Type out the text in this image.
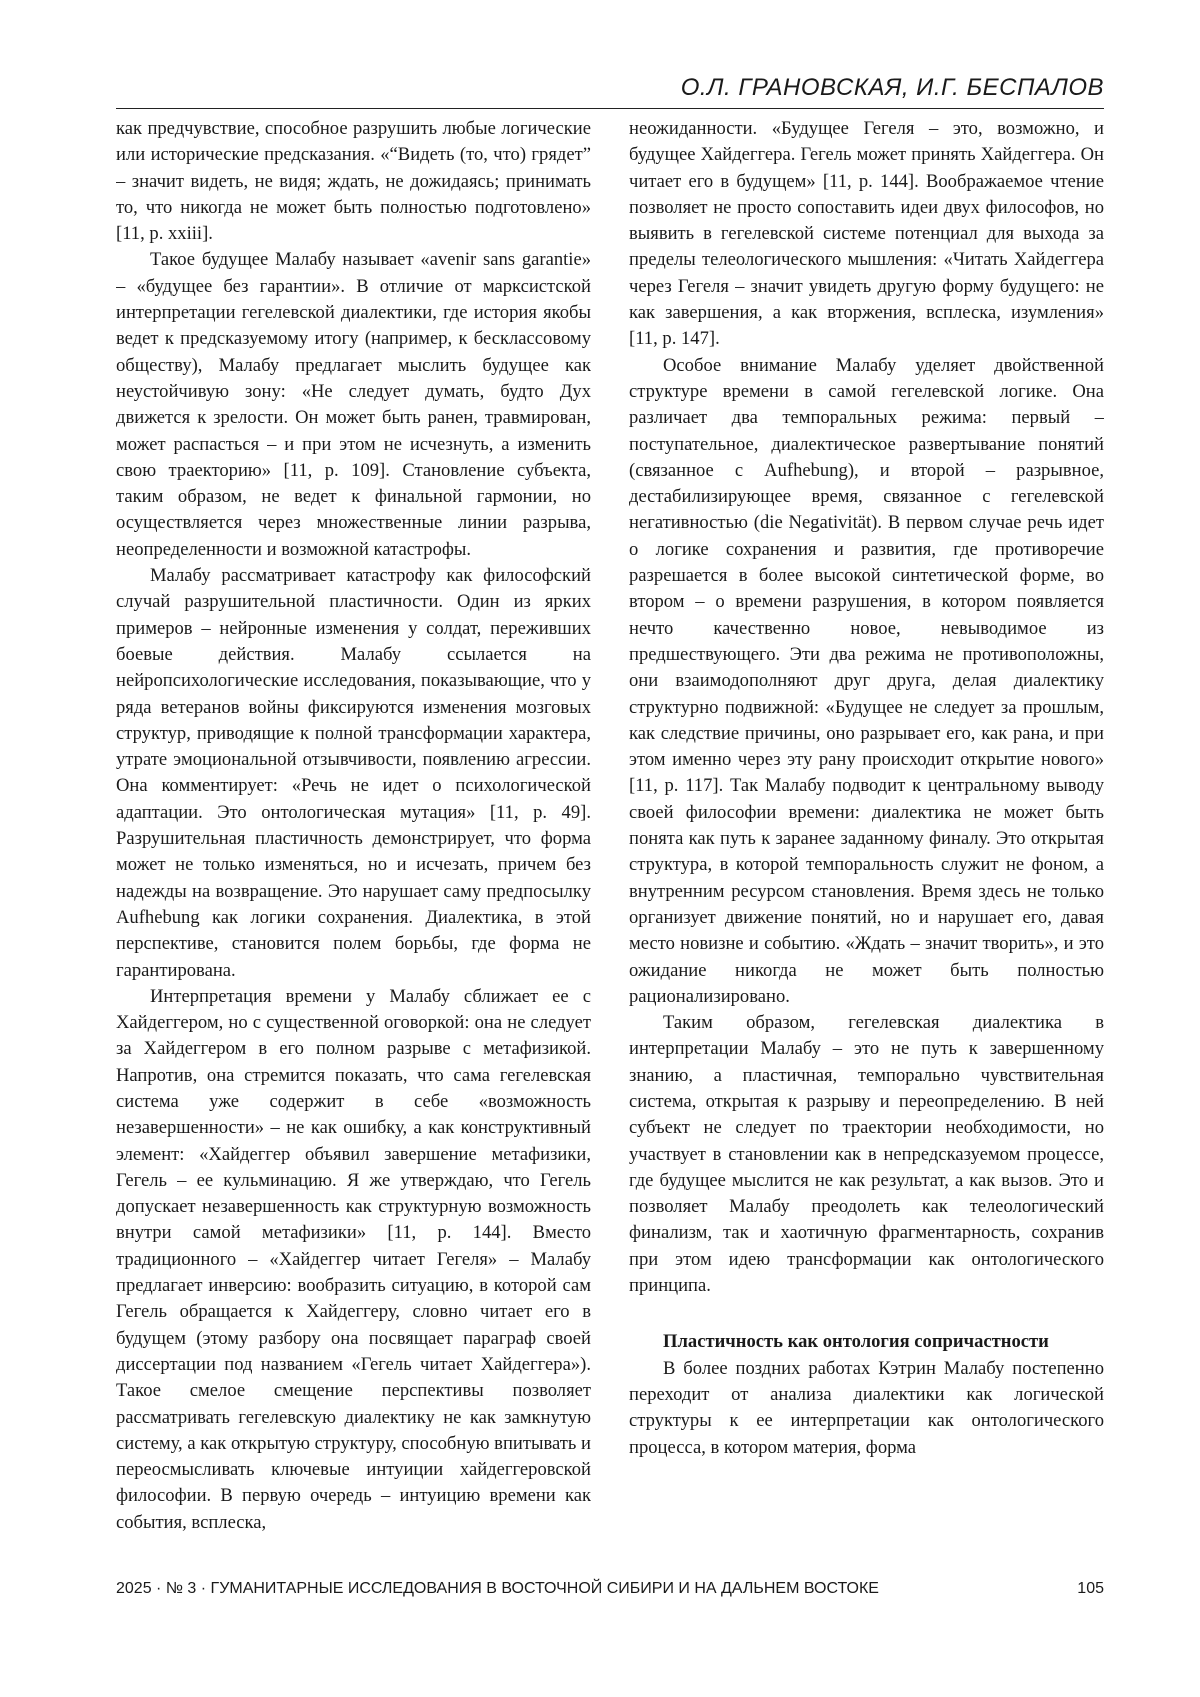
О.Л. ГРАНОВСКАЯ, И.Г. БЕСПАЛОВ

как предчувствие, способное разрушить любые логические или исторические предсказания. «“Видеть (то, что) грядет” – значит видеть, не видя; ждать, не дожидаясь; принимать то, что никогда не может быть полностью подготовлено» [11, p. xxiii].

Такое будущее Малабу называет «avenir sans garantie» – «будущее без гарантии». В отличие от марксистской интерпретации гегелевской диалектики, где история якобы ведет к предсказуемому итогу (например, к бесклассовому обществу), Малабу предлагает мыслить будущее как неустойчивую зону: «Не следует думать, будто Дух движется к зрелости. Он может быть ранен, травмирован, может распасться – и при этом не исчезнуть, а изменить свою траекторию» [11, p. 109]. Становление субъекта, таким образом, не ведет к финальной гармонии, но осуществляется через множественные линии разрыва, неопределенности и возможной катастрофы.

Малабу рассматривает катастрофу как философский случай разрушительной пластичности. Один из ярких примеров – нейронные изменения у солдат, переживших боевые действия. Малабу ссылается на нейропсихологические исследования, показывающие, что у ряда ветеранов войны фиксируются изменения мозговых структур, приводящие к полной трансформации характера, утрате эмоциональной отзывчивости, появлению агрессии. Она комментирует: «Речь не идет о психологической адаптации. Это онтологическая мутация» [11, p. 49]. Разрушительная пластичность демонстрирует, что форма может не только изменяться, но и исчезать, причем без надежды на возвращение. Это нарушает саму предпосылку Aufhebung как логики сохранения. Диалектика, в этой перспективе, становится полем борьбы, где форма не гарантирована.

Интерпретация времени у Малабу сближает ее с Хайдеггером, но с существенной оговоркой: она не следует за Хайдеггером в его полном разрыве с метафизикой. Напротив, она стремится показать, что сама гегелевская система уже содержит в себе «возможность незавершенности» – не как ошибку, а как конструктивный элемент: «Хайдеггер объявил завершение метафизики, Гегель – ее кульминацию. Я же утверждаю, что Гегель допускает незавершенность как структурную возможность внутри самой метафизики» [11, p. 144]. Вместо традиционного – «Хайдеггер читает Гегеля» – Малабу предлагает инверсию: вообразить ситуацию, в которой сам Гегель обращается к Хайдеггеру, словно читает его в будущем (этому разбору она посвящает параграф своей диссертации под названием «Гегель читает Хайдеггера»). Такое смелое смещение перспективы позволяет рассматривать гегелевскую диалектику не как замкнутую систему, а как открытую структуру, способную впитывать и переосмысливать ключевые интуиции хайдеггеровской философии. В первую очередь – интуицию времени как события, всплеска,

неожиданности. «Будущее Гегеля – это, возможно, и будущее Хайдеггера. Гегель может принять Хайдеггера. Он читает его в будущем» [11, p. 144]. Воображаемое чтение позволяет не просто сопоставить идеи двух философов, но выявить в гегелевской системе потенциал для выхода за пределы телеологического мышления: «Читать Хайдеггера через Гегеля – значит увидеть другую форму будущего: не как завершения, а как вторжения, всплеска, изумления» [11, p. 147].

Особое внимание Малабу уделяет двойственной структуре времени в самой гегелевской логике. Она различает два темпоральных режима: первый – поступательное, диалектическое развертывание понятий (связанное с Aufhebung), и второй – разрывное, дестабилизирующее время, связанное с гегелевской негативностью (die Negativität). В первом случае речь идет о логике сохранения и развития, где противоречие разрешается в более высокой синтетической форме, во втором – о времени разрушения, в котором появляется нечто качественно новое, невыводимое из предшествующего. Эти два режима не противоположны, они взаимодополняют друг друга, делая диалектику структурно подвижной: «Будущее не следует за прошлым, как следствие причины, оно разрывает его, как рана, и при этом именно через эту рану происходит открытие нового» [11, p. 117]. Так Малабу подводит к центральному выводу своей философии времени: диалектика не может быть понята как путь к заранее заданному финалу. Это открытая структура, в которой темпоральность служит не фоном, а внутренним ресурсом становления. Время здесь не только организует движение понятий, но и нарушает его, давая место новизне и событию. «Ждать – значит творить», и это ожидание никогда не может быть полностью рационализировано.

Таким образом, гегелевская диалектика в интерпретации Малабу – это не путь к завершенному знанию, а пластичная, темпорально чувствительная система, открытая к разрыву и переопределению. В ней субъект не следует по траектории необходимости, но участвует в становлении как в непредсказуемом процессе, где будущее мыслится не как результат, а как вызов. Это и позволяет Малабу преодолеть как телеологический финализм, так и хаотичную фрагментарность, сохранив при этом идею трансформации как онтологического принципа.

Пластичность как онтология сопричастности

В более поздних работах Кэтрин Малабу постепенно переходит от анализа диалектики как логической структуры к ее интерпретации как онтологического процесса, в котором материя, форма

2025 · № 3 · ГУМАНИТАРНЫЕ ИССЛЕДОВАНИЯ В ВОСТОЧНОЙ СИБИРИ И НА ДАЛЬНЕМ ВОСТОКЕ	105
